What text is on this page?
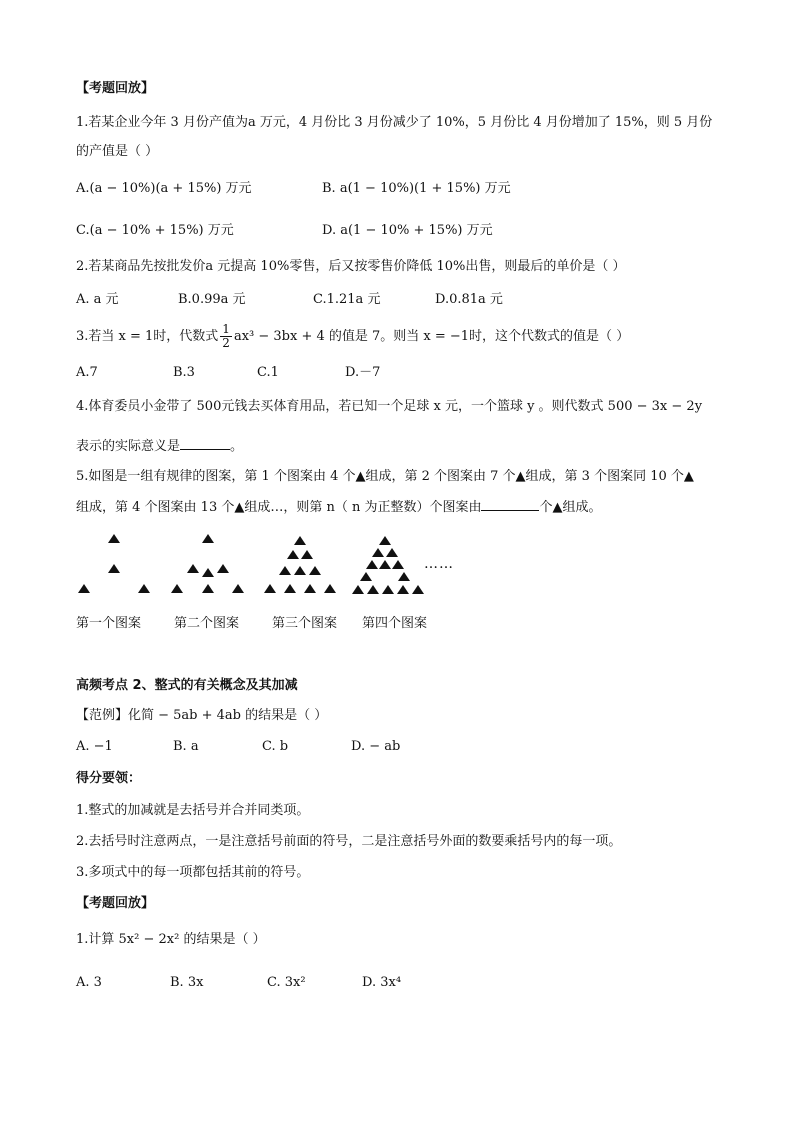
【考题回放】
1.若某企业今年 3 月份产值为a 万元，4 月份比 3 月份减少了 10%，5 月份比 4 月份增加了 15%，则 5 月份
的产值是（ ）
A.(a − 10%)(a + 15%) 万元	B. a(1 − 10%)(1 + 15%) 万元
C.(a − 10% + 15%) 万元	D. a(1 − 10% + 15%) 万元
2.若某商品先按批发价a 元提高 10%零售，后又按零售价降低 10%出售，则最后的单价是（ ）
A. a 元	B.0.99a 元	C.1.21a 元	D.0.81a 元
3.若当 x = 1时，代数式 $\frac{1}{2} ax^3 - 3bx + 4$ 的值是 7。则当 x = −1时，这个代数式的值是（ ）
A.7	B.3	C.1	D.－7
4.体育委员小金带了 500元钱去买体育用品，若已知一个足球 x 元，一个篮球 y 。则代数式 500 − 3x − 2y
表示的实际意义是	。
5.如图是一组有规律的图案，第 1 个图案由 4 个▲组成，第 2 个图案由 7 个▲组成，第 3 个图案同 10 个▲
组成，第 4 个图案由 13 个▲组成…，则第 n（ n 为正整数）个图案由	个▲组成。
……
第一个图案	第二个图案	第三个图案 第四个图案
高频考点 2、整式的有关概念及其加减
【范例】化简 − 5ab + 4ab 的结果是（ ）
A. −1	B. a	C. b	D. − ab
得分要领：
1.整式的加减就是去括号并合并同类项。
2.去括号时注意两点，一是注意括号前面的符号，二是注意括号外面的数要乘括号内的每一项。
3.多项式中的每一项都包括其前的符号。
【考题回放】
1.计算 5x² − 2x² 的结果是（ ）
A. 3	B. 3x	C. 3x²	D. 3x⁴
